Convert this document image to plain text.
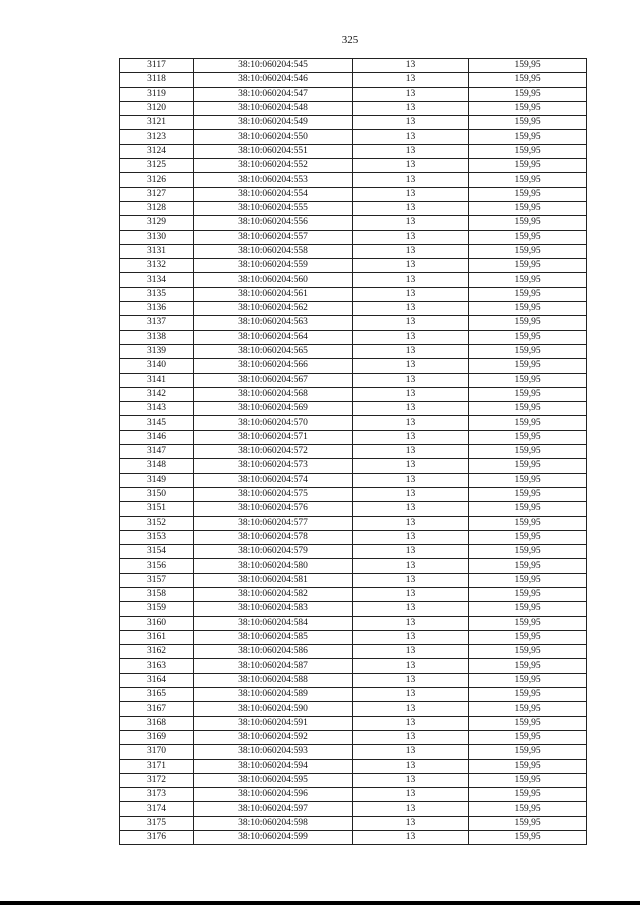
325
3117	38:10:060204:545	13	159,95
3118	38:10:060204:546	13	159,95
3119	38:10:060204:547	13	159,95
3120	38:10:060204:548	13	159,95
3121	38:10:060204:549	13	159,95
3123	38:10:060204:550	13	159,95
3124	38:10:060204:551	13	159,95
3125	38:10:060204:552	13	159,95
3126	38:10:060204:553	13	159,95
3127	38:10:060204:554	13	159,95
3128	38:10:060204:555	13	159,95
3129	38:10:060204:556	13	159,95
3130	38:10:060204:557	13	159,95
3131	38:10:060204:558	13	159,95
3132	38:10:060204:559	13	159,95
3134	38:10:060204:560	13	159,95
3135	38:10:060204:561	13	159,95
3136	38:10:060204:562	13	159,95
3137	38:10:060204:563	13	159,95
3138	38:10:060204:564	13	159,95
3139	38:10:060204:565	13	159,95
3140	38:10:060204:566	13	159,95
3141	38:10:060204:567	13	159,95
3142	38:10:060204:568	13	159,95
3143	38:10:060204:569	13	159,95
3145	38:10:060204:570	13	159,95
3146	38:10:060204:571	13	159,95
3147	38:10:060204:572	13	159,95
3148	38:10:060204:573	13	159,95
3149	38:10:060204:574	13	159,95
3150	38:10:060204:575	13	159,95
3151	38:10:060204:576	13	159,95
3152	38:10:060204:577	13	159,95
3153	38:10:060204:578	13	159,95
3154	38:10:060204:579	13	159,95
3156	38:10:060204:580	13	159,95
3157	38:10:060204:581	13	159,95
3158	38:10:060204:582	13	159,95
3159	38:10:060204:583	13	159,95
3160	38:10:060204:584	13	159,95
3161	38:10:060204:585	13	159,95
3162	38:10:060204:586	13	159,95
3163	38:10:060204:587	13	159,95
3164	38:10:060204:588	13	159,95
3165	38:10:060204:589	13	159,95
3167	38:10:060204:590	13	159,95
3168	38:10:060204:591	13	159,95
3169	38:10:060204:592	13	159,95
3170	38:10:060204:593	13	159,95
3171	38:10:060204:594	13	159,95
3172	38:10:060204:595	13	159,95
3173	38:10:060204:596	13	159,95
3174	38:10:060204:597	13	159,95
3175	38:10:060204:598	13	159,95
3176	38:10:060204:599	13	159,95
